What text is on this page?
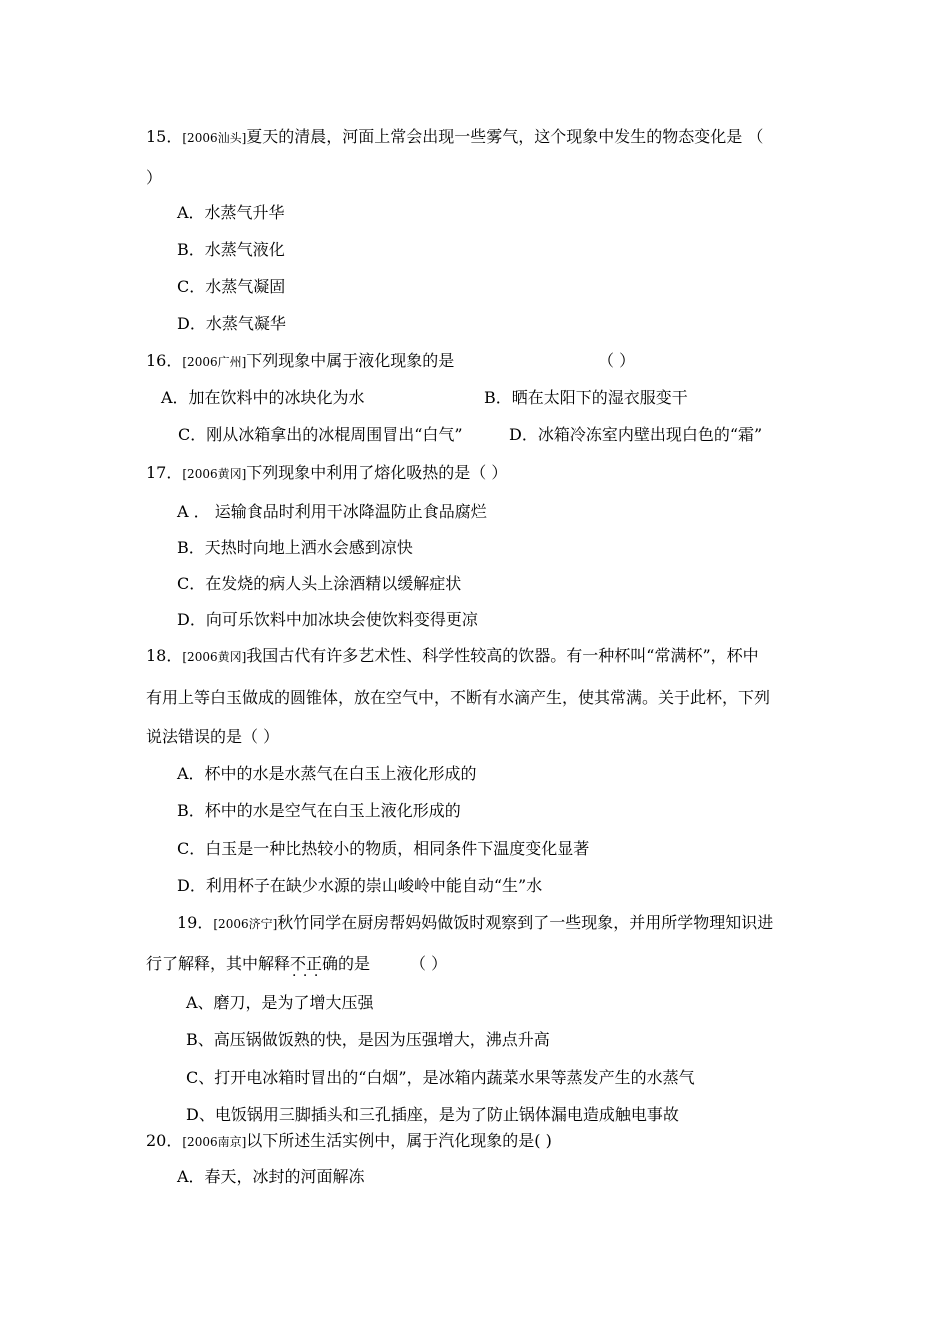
15．[2006汕头]夏天的清晨，河面上常会出现一些雾气，这个现象中发生的物态变化是 （
）
A．水蒸气升华
B．水蒸气液化
C．水蒸气凝固
D．水蒸气凝华
16．[2006广州]下列现象中属于液化现象的是	（ ）
A．加在饮料中的冰块化为水	B．晒在太阳下的湿衣服变干
C．刚从冰箱拿出的冰棍周围冒出“白气”	D．冰箱冷冻室内壁出现白色的“霜”
17．[2006黄冈]下列现象中利用了熔化吸热的是（ ）
A ． 运输食品时利用干冰降温防止食品腐烂
B．天热时向地上洒水会感到凉快
C．在发烧的病人头上涂酒精以缓解症状
D．向可乐饮料中加冰块会使饮料变得更凉
18．[2006黄冈]我国古代有许多艺术性、科学性较高的饮器。有一种杯叫“常满杯”，杯中
有用上等白玉做成的圆锥体，放在空气中，不断有水滴产生，使其常满。关于此杯，下列
说法错误的是（ ）
A．杯中的水是水蒸气在白玉上液化形成的
B．杯中的水是空气在白玉上液化形成的
C．白玉是一种比热较小的物质，相同条件下温度变化显著
D．利用杯子在缺少水源的崇山峻岭中能自动“生”水
19．[2006济宁]秋竹同学在厨房帮妈妈做饭时观察到了一些现象，并用所学物理知识进
行了解释，其中解释不正确 · · ·的是 （ ）
A、磨刀，是为了增大压强
B、高压锅做饭熟的快，是因为压强增大，沸点升高
C、打开电冰箱时冒出的“白烟”，是冰箱内蔬菜水果等蒸发产生的水蒸气
D、电饭锅用三脚插头和三孔插座，是为了防止锅体漏电造成触电事故
20．[2006南京]以下所述生活实例中，属于汽化现象的是( )
A．春天，冰封的河面解冻
